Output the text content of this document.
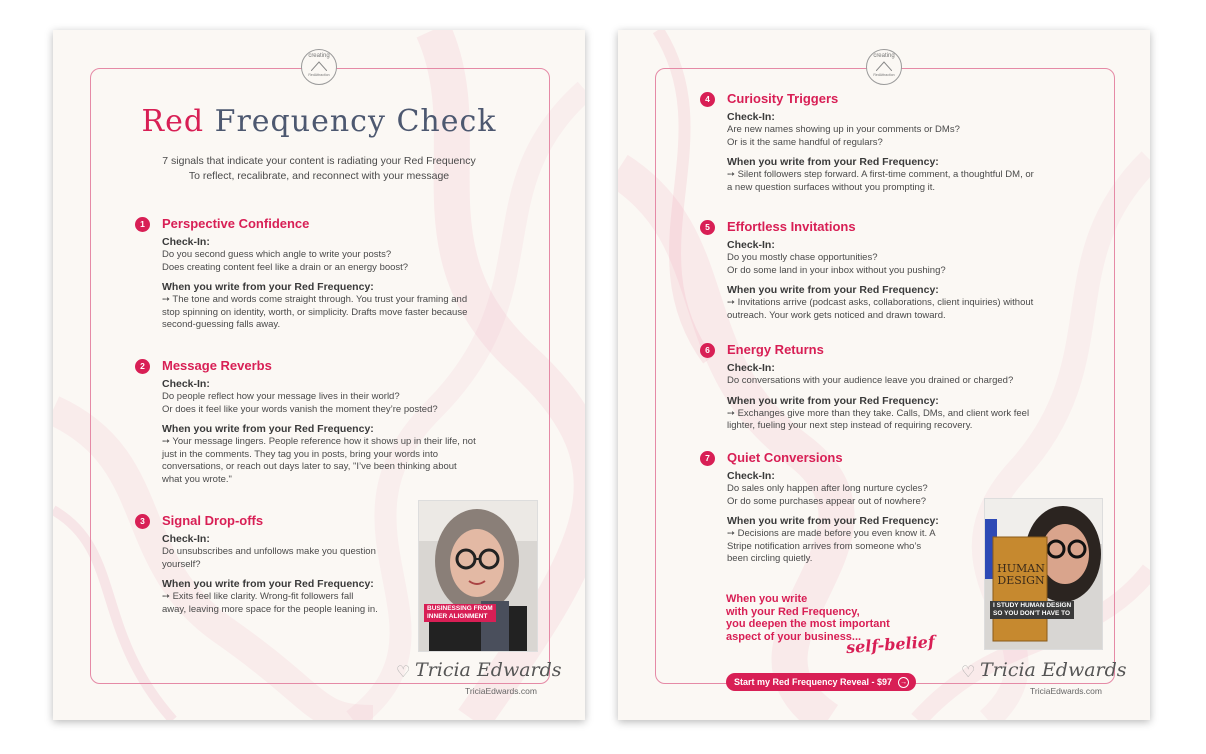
creating
RedAttraction
Red Frequency Check
7 signals that indicate your content is radiating your Red Frequency
To reflect, recalibrate, and reconnect with your message
1	Perspective Confidence
Check-In:
Do you second guess which angle to write your posts?
Does creating content feel like a drain or an energy boost?
When you write from your Red Frequency:
➙ The tone and words come straight through. You trust your framing and
stop spinning on identity, worth, or simplicity. Drafts move faster because
second-guessing falls away.
2	Message Reverbs
Check-In:
Do people reflect how your message lives in their world?
Or does it feel like your words vanish the moment they’re posted?
When you write from your Red Frequency:
➙ Your message lingers. People reference how it shows up in their life, not
just in the comments. They tag you in posts, bring your words into
conversations, or reach out days later to say, "I’ve been thinking about
what you wrote."
3	Signal Drop-offs
Check-In:
Do unsubscribes and unfollows make you question
yourself?
When you write from your Red Frequency:
➙ Exits feel like clarity. Wrong-fit followers fall
away, leaving more space for the people leaning in.	BUSINESSING FROM
INNER ALIGNMENT
♡ Tricia Edwards
TriciaEdwards.com
creating
RedAttraction
4	Curiosity Triggers
Check-In:
Are new names showing up in your comments or DMs?
Or is it the same handful of regulars?
When you write from your Red Frequency:
➙ Silent followers step forward. A first-time comment, a thoughtful DM, or
a new question surfaces without you prompting it.
5	Effortless Invitations
Check-In:
Do you mostly chase opportunities?
Or do some land in your inbox without you pushing?
When you write from your Red Frequency:
➙ Invitations arrive (podcast asks, collaborations, client inquiries) without
outreach. Your work gets noticed and drawn toward.
6	Energy Returns
Check-In:
Do conversations with your audience leave you drained or charged?
When you write from your Red Frequency:
➙ Exchanges give more than they take. Calls, DMs, and client work feel
lighter, fueling your next step instead of requiring recovery.
7	Quiet Conversions
Check-In:
Do sales only happen after long nurture cycles?
Or do some purchases appear out of nowhere?
When you write from your Red Frequency:
➙ Decisions are made before you even know it. A
Stripe notification arrives from someone who’s
been circling quietly.
When you write
with your Red Frequency,
you deepen the most important
aspect of your business...
self-belief
HUMAN
DESIGN
I STUDY HUMAN DESIGN
SO YOU DON'T HAVE TO
Start my Red Frequency Reveal - $97 →
♡ Tricia Edwards
TriciaEdwards.com
